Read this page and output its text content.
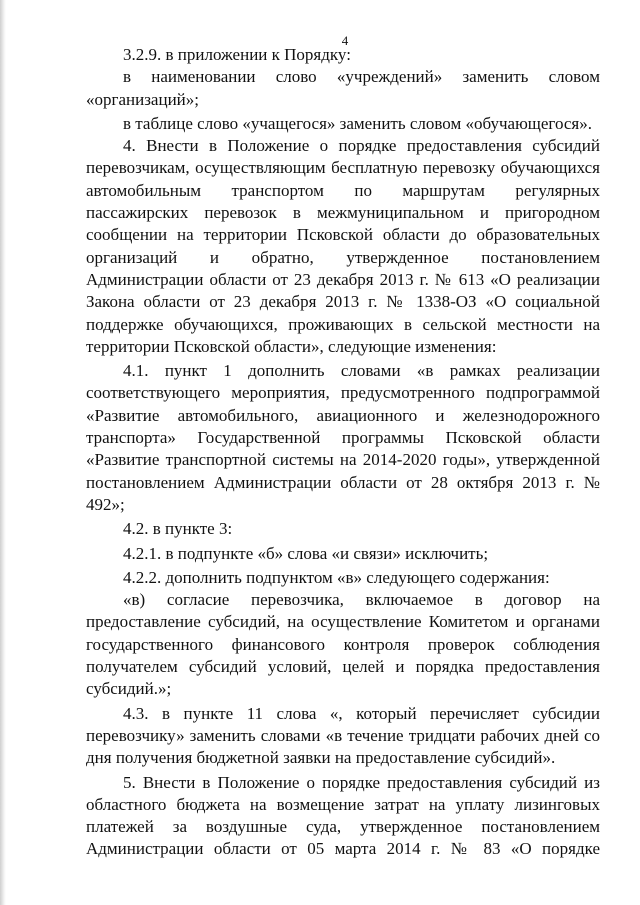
4

3.2.9. в приложении к Порядку:

в наименовании слово «учреждений» заменить словом «организаций»;

в таблице слово «учащегося» заменить словом «обучающегося».

4. Внести в Положение о порядке предоставления субсидий перевозчикам, осуществляющим бесплатную перевозку обучающихся автомобильным транспортом по маршрутам регулярных пассажирских перевозок в межмуниципальном и пригородном сообщении на территории Псковской области до образовательных организаций и обратно, утвержденное постановлением Администрации области от 23 декабря 2013 г. № 613 «О реализации Закона области от 23 декабря 2013 г. № 1338-ОЗ «О социальной поддержке обучающихся, проживающих в сельской местности на территории Псковской области», следующие изменения:

4.1. пункт 1 дополнить словами «в рамках реализации соответствующего мероприятия, предусмотренного подпрограммой «Развитие автомобильного, авиационного и железнодорожного транспорта» Государственной программы Псковской области «Развитие транспортной системы на 2014-2020 годы», утвержденной постановлением Администрации области от 28 октября 2013 г. № 492»;

4.2. в пункте 3:

4.2.1. в подпункте «б» слова «и связи» исключить;

4.2.2. дополнить подпунктом «в» следующего содержания:

«в) согласие перевозчика, включаемое в договор на предоставление субсидий, на осуществление Комитетом и органами государственного финансового контроля проверок соблюдения получателем субсидий условий, целей и порядка предоставления субсидий.»;

4.3. в пункте 11 слова «, который перечисляет субсидии перевозчику» заменить словами «в течение тридцати рабочих дней со дня получения бюджетной заявки на предоставление субсидий».

5. Внести в Положение о порядке предоставления субсидий из областного бюджета на возмещение затрат на уплату лизинговых платежей за воздушные суда, утвержденное постановлением Администрации области от 05 марта 2014 г. № 83 «О порядке
